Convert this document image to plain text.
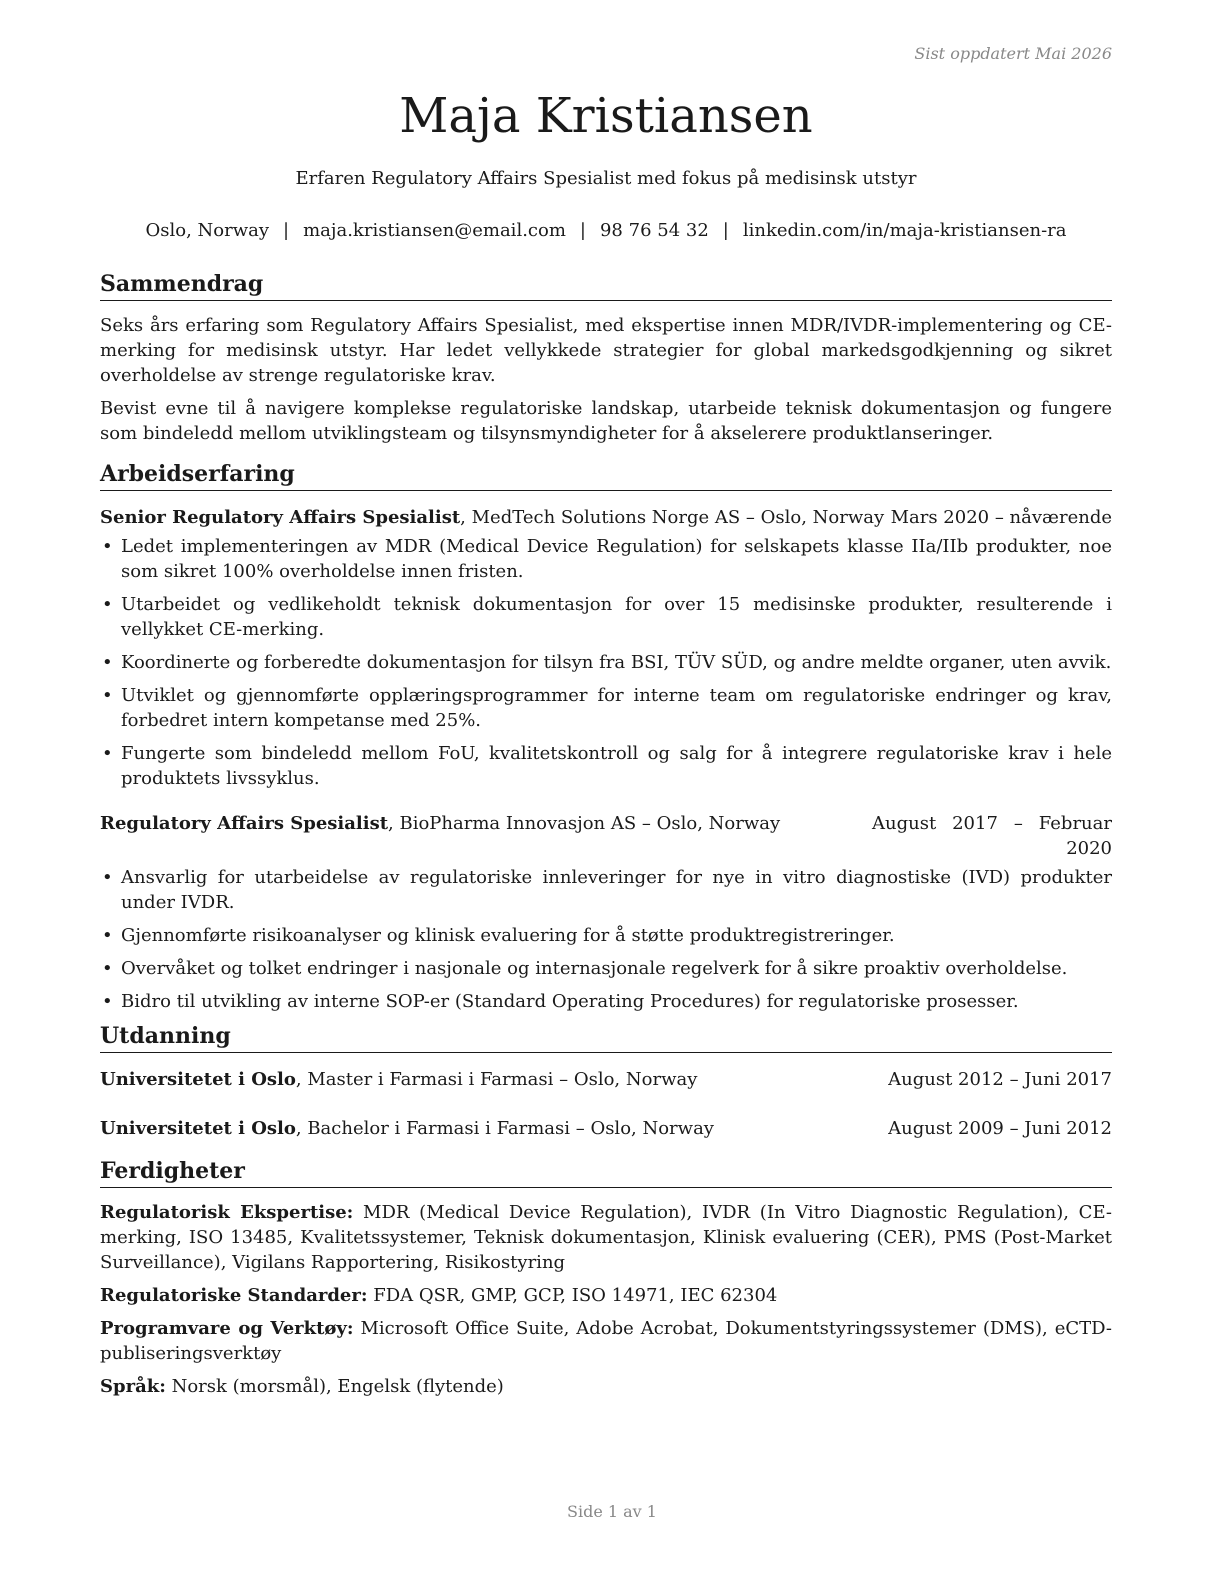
Sist oppdatert Mai 2026
Maja Kristiansen
Erfaren Regulatory Affairs Spesialist med fokus på medisinsk utstyr
Oslo, Norway | maja.kristiansen@email.com | 98 76 54 32 | linkedin.com/in/maja-kristiansen-ra
Sammendrag

Seks års erfaring som Regulatory Affairs Spesialist, med ekspertise innen MDR/IVDR-implementering og CE-merking for medisinsk utstyr. Har ledet vellykkede strategier for global markedsgodkjenning og sikret overholdelse av strenge regulatoriske krav.

Bevist evne til å navigere komplekse regulatoriske landskap, utarbeide teknisk dokumentasjon og fungere som bindeledd mellom utviklingsteam og tilsynsmyndigheter for å akselerere produktlanseringer.

Arbeidserfaring
Senior Regulatory Affairs Spesialist, MedTech Solutions Norge AS – Oslo, Norway Mars 2020 – nåværende
• Ledet implementeringen av MDR (Medical Device Regulation) for selskapets klasse IIa/IIb produkter, noe som sikret 100% overholdelse innen fristen.
• Utarbeidet og vedlikeholdt teknisk dokumentasjon for over 15 medisinske produkter, resulterende i vellykket CE-merking.
• Koordinerte og forberedte dokumentasjon for tilsyn fra BSI, TÜV SÜD, og andre meldte organer, uten avvik.
• Utviklet og gjennomførte opplæringsprogrammer for interne team om regulatoriske endringer og krav, forbedret intern kompetanse med 25%.
• Fungerte som bindeledd mellom FoU, kvalitetskontroll og salg for å integrere regulatoriske krav i hele produktets livssyklus.
Regulatory Affairs Spesialist, BioPharma Innovasjon AS – Oslo, Norway	August 2017 – Februar 2020
• Ansvarlig for utarbeidelse av regulatoriske innleveringer for nye in vitro diagnostiske (IVD) produkter under IVDR.
• Gjennomførte risikoanalyser og klinisk evaluering for å støtte produktregistreringer.
• Overvåket og tolket endringer i nasjonale og internasjonale regelverk for å sikre proaktiv overholdelse.
• Bidro til utvikling av interne SOP-er (Standard Operating Procedures) for regulatoriske prosesser.
Utdanning
Universitetet i Oslo, Master i Farmasi i Farmasi – Oslo, Norway	August 2012 – Juni 2017
Universitetet i Oslo, Bachelor i Farmasi i Farmasi – Oslo, Norway	August 2009 – Juni 2012
Ferdigheter
Regulatorisk Ekspertise: MDR (Medical Device Regulation), IVDR (In Vitro Diagnostic Regulation), CE-merking, ISO 13485, Kvalitetssystemer, Teknisk dokumentasjon, Klinisk evaluering (CER), PMS (Post-Market Surveillance), Vigilans Rapportering, Risikostyring
Regulatoriske Standarder: FDA QSR, GMP, GCP, ISO 14971, IEC 62304
Programvare og Verktøy: Microsoft Office Suite, Adobe Acrobat, Dokumentstyringssystemer (DMS), eCTD-publiseringsverktøy
Språk: Norsk (morsmål), Engelsk (flytende)
Side 1 av 1
